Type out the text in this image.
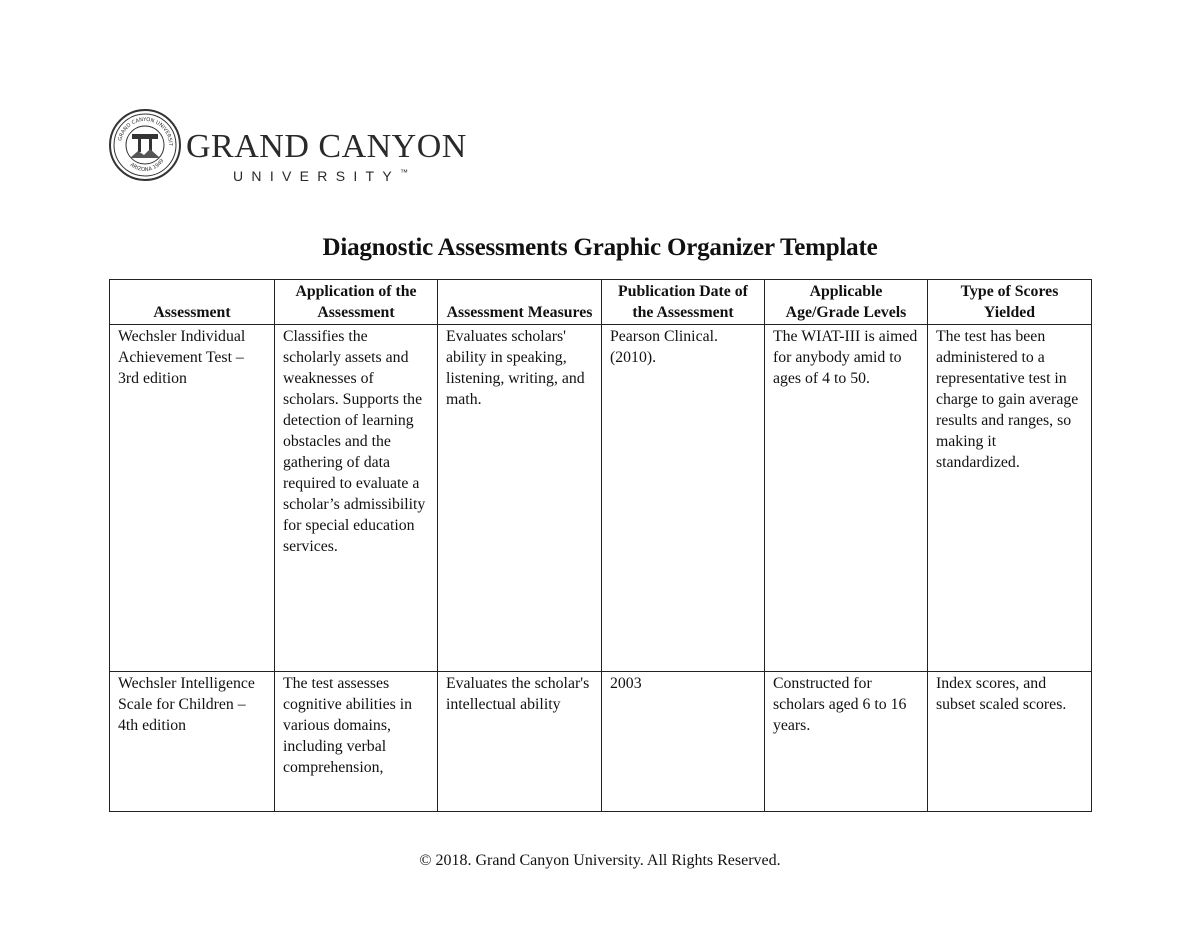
GRAND CANYON UNIVERSIT
ARIZONA 1949 GRAND CANYON
UNIVERSITY™
Diagnostic Assessments Graphic Organizer Template
Assessment	Application of the Assessment	Assessment Measures	Publication Date of the Assessment	Applicable Age/Grade Levels	Type of Scores Yielded
Wechsler Individual Achievement Test – 3rd edition	Classifies the scholarly assets and weaknesses of scholars. Supports the detection of learning obstacles and the gathering of data required to evaluate a scholar’s admissibility for special education services.	Evaluates scholars' ability in speaking, listening, writing, and math.	Pearson Clinical. (2010).	The WIAT-III is aimed for anybody amid to ages of 4 to 50.	The test has been administered to a representative test in charge to gain average results and ranges, so making it standardized.
Wechsler Intelligence Scale for Children – 4th edition	The test assesses cognitive abilities in various domains, including verbal comprehension,	Evaluates the scholar's intellectual ability	2003	Constructed for scholars aged 6 to 16 years.	Index scores, and subset scaled scores.
© 2018. Grand Canyon University. All Rights Reserved.
